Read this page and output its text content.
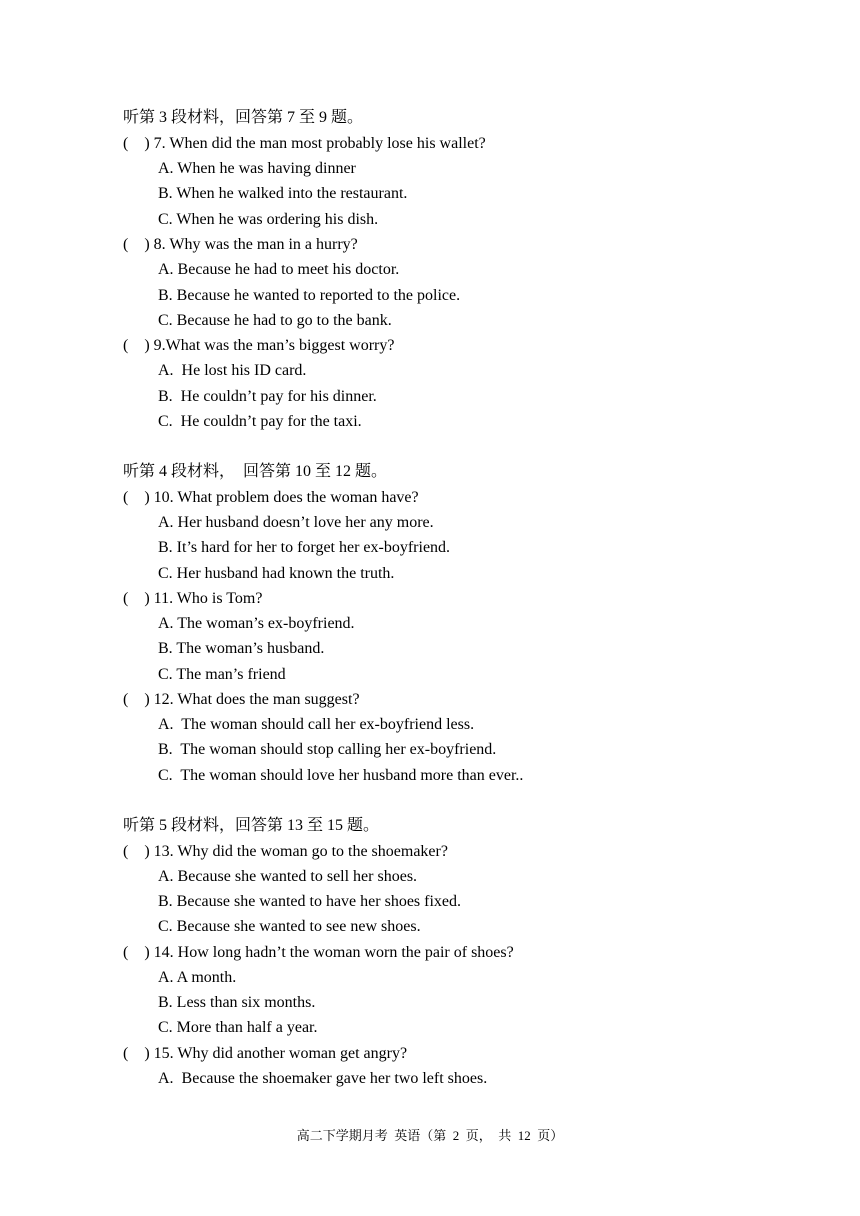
听第 3 段材料，回答第 7 至 9 题。
(    ) 7. When did the man most probably lose his wallet?
A. When he was having dinner
B. When he walked into the restaurant.
C. When he was ordering his dish.
(    ) 8. Why was the man in a hurry?
A. Because he had to meet his doctor.
B. Because he wanted to reported to the police.
C. Because he had to go to the bank.
(    ) 9.What was the man’s biggest worry?
A.  He lost his ID card.
B.  He couldn’t pay for his dinner.
C.  He couldn’t pay for the taxi.
听第 4 段材料，  回答第 10 至 12 题。
(    ) 10. What problem does the woman have?
A. Her husband doesn’t love her any more.
B. It’s hard for her to forget her ex-boyfriend.
C. Her husband had known the truth.
(    ) 11. Who is Tom?
A. The woman’s ex-boyfriend.
B. The woman’s husband.
C. The man’s friend
(    ) 12. What does the man suggest?
A.  The woman should call her ex-boyfriend less.
B.  The woman should stop calling her ex-boyfriend.
C.  The woman should love her husband more than ever..
听第 5 段材料，回答第 13 至 15 题。
(    ) 13. Why did the woman go to the shoemaker?
A. Because she wanted to sell her shoes.
B. Because she wanted to have her shoes fixed.
C. Because she wanted to see new shoes.
(    ) 14. How long hadn’t the woman worn the pair of shoes?
A. A month.
B. Less than six months.
C. More than half a year.
(    ) 15. Why did another woman get angry?
A.  Because the shoemaker gave her two left shoes.
高二下学期月考  英语（第  2  页，  共  12  页）
